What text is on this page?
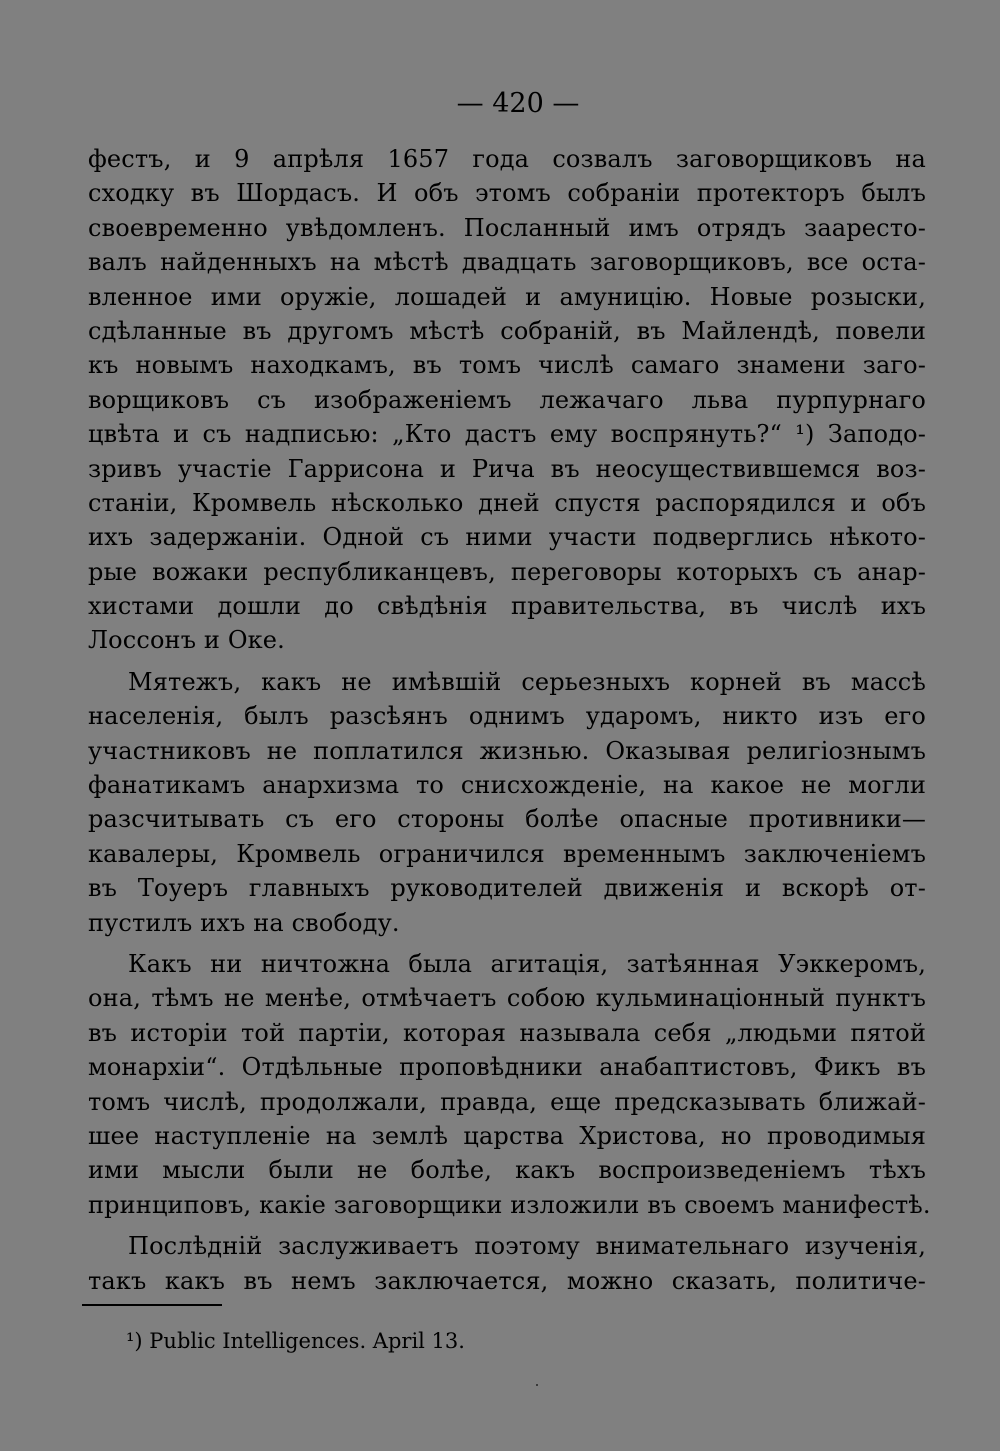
— 420 —
фестъ, и 9 апрѣля 1657 года созвалъ заговорщиковъ на
сходку въ Шордасъ. И объ этомъ собраніи протекторъ былъ
своевременно увѣдомленъ. Посланный имъ отрядъ заaресто-
валъ найденныхъ на мѣстѣ двадцать заговорщиковъ, все оста-
вленное ими оружіе, лошадей и амуницію. Новые розыски,
сдѣланные въ другомъ мѣстѣ собраній, въ Майлендѣ, повели
къ новымъ находкамъ, въ томъ числѣ самаго знамени заго-
ворщиковъ съ изображеніемъ лежачаго льва пурпурнаго
цвѣта и съ надписью: „Кто дастъ ему воспрянуть?“ ¹) Заподо-
зривъ участіе Гаррисона и Рича въ неосуществившемся воз-
станіи, Кромвель нѣсколько дней спустя распорядился и объ
ихъ задержаніи. Одной съ ними участи подверглись нѣкото-
рые вожаки республиканцевъ, переговоры которыхъ съ анар-
хистами дошли до свѣдѣнія правительства, въ числѣ ихъ
Лоссонъ и Оке.
Мятежъ, какъ не имѣвшій серьезныхъ корней въ массѣ
населенія, былъ разсѣянъ однимъ ударомъ, никто изъ его
участниковъ не поплатился жизнью. Оказывая религіознымъ
фанатикамъ анархизма то снисхожденіе, на какое не могли
разсчитывать съ его стороны болѣе опасные противники—
кавалеры, Кромвель ограничился временнымъ заключеніемъ
въ Тоуеръ главныхъ руководителей движенія и вскорѣ от-
пустилъ ихъ на свободу.
Какъ ни ничтожна была агитація, затѣянная Уэккеромъ,
она, тѣмъ не менѣе, отмѣчаетъ собою кульминаціонный пунктъ
въ исторіи той партіи, которая называла себя „людьми пятой
монархіи“. Отдѣльные проповѣдники анабаптистовъ, Фикъ въ
томъ числѣ, продолжали, правда, еще предсказывать ближай-
шее наступленіе на землѣ царства Христова, но проводимыя
ими мысли были не болѣе, какъ воспроизведеніемъ тѣхъ
принциповъ, какіе заговорщики изложили въ своемъ манифестѣ.
Послѣдній заслуживаетъ поэтому внимательнаго изученія,
такъ какъ въ немъ заключается, можно сказать, политиче-
¹) Public Intelligences. April 13.
